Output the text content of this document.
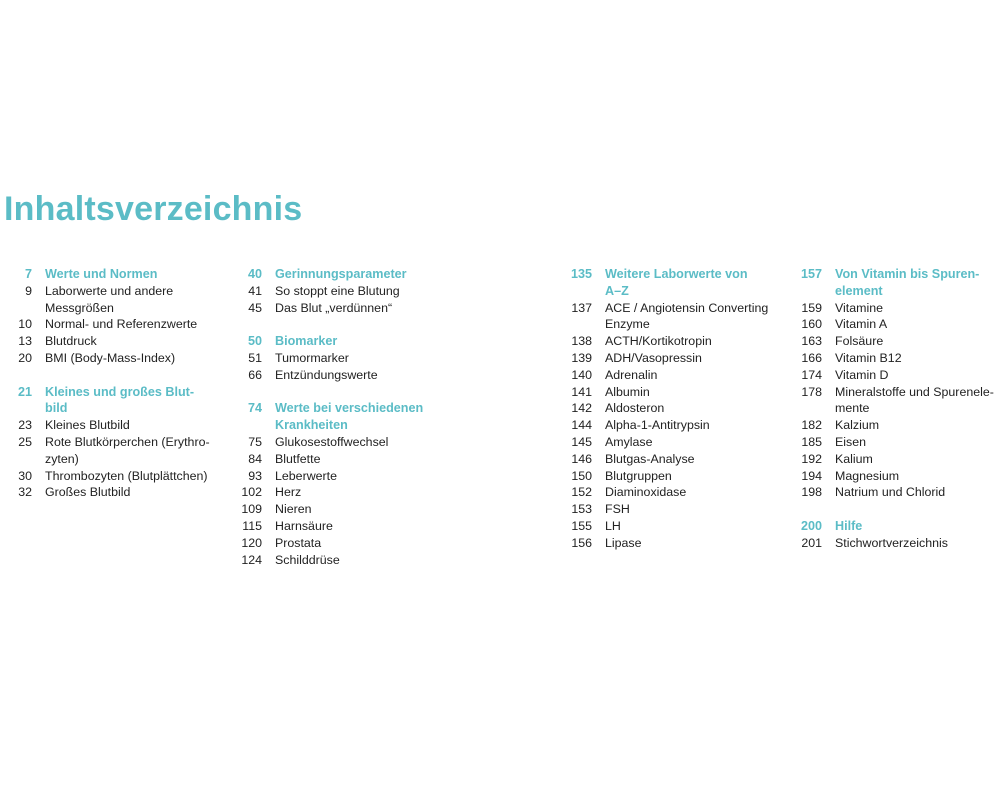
Inhaltsverzeichnis
7 Werte und Normen
9 Laborwerte und andere
Messgrößen
10 Normal- und Referenzwerte
13 Blutdruck
20 BMI (Body-Mass-Index)
21 Kleines und großes Blut-
bild
23 Kleines Blutbild
25 Rote Blutkörperchen (Erythro-
zyten)
30 Thrombozyten (Blutplättchen)
32 Großes Blutbild
40 Gerinnungsparameter
41 So stoppt eine Blutung
45 Das Blut „verdünnen“
50 Biomarker
51 Tumormarker
66 Entzündungswerte
74 Werte bei verschiedenen
Krankheiten
75 Glukosestoffwechsel
84 Blutfette
93 Leberwerte
102 Herz
109 Nieren
115 Harnsäure
120 Prostata
124 Schilddrüse
135 Weitere Laborwerte von
A–Z
137 ACE / Angiotensin Converting
Enzyme
138 ACTH/Kortikotropin
139 ADH/Vasopressin
140 Adrenalin
141 Albumin
142 Aldosteron
144 Alpha-1-Antitrypsin
145 Amylase
146 Blutgas-Analyse
150 Blutgruppen
152 Diaminoxidase
153 FSH
155 LH
156 Lipase
157 Von Vitamin bis Spuren-
element
159 Vitamine
160 Vitamin A
163 Folsäure
166 Vitamin B12
174 Vitamin D
178 Mineralstoffe und Spurenele-
mente
182 Kalzium
185 Eisen
192 Kalium
194 Magnesium
198 Natrium und Chlorid
200 Hilfe
201 Stichwortverzeichnis
